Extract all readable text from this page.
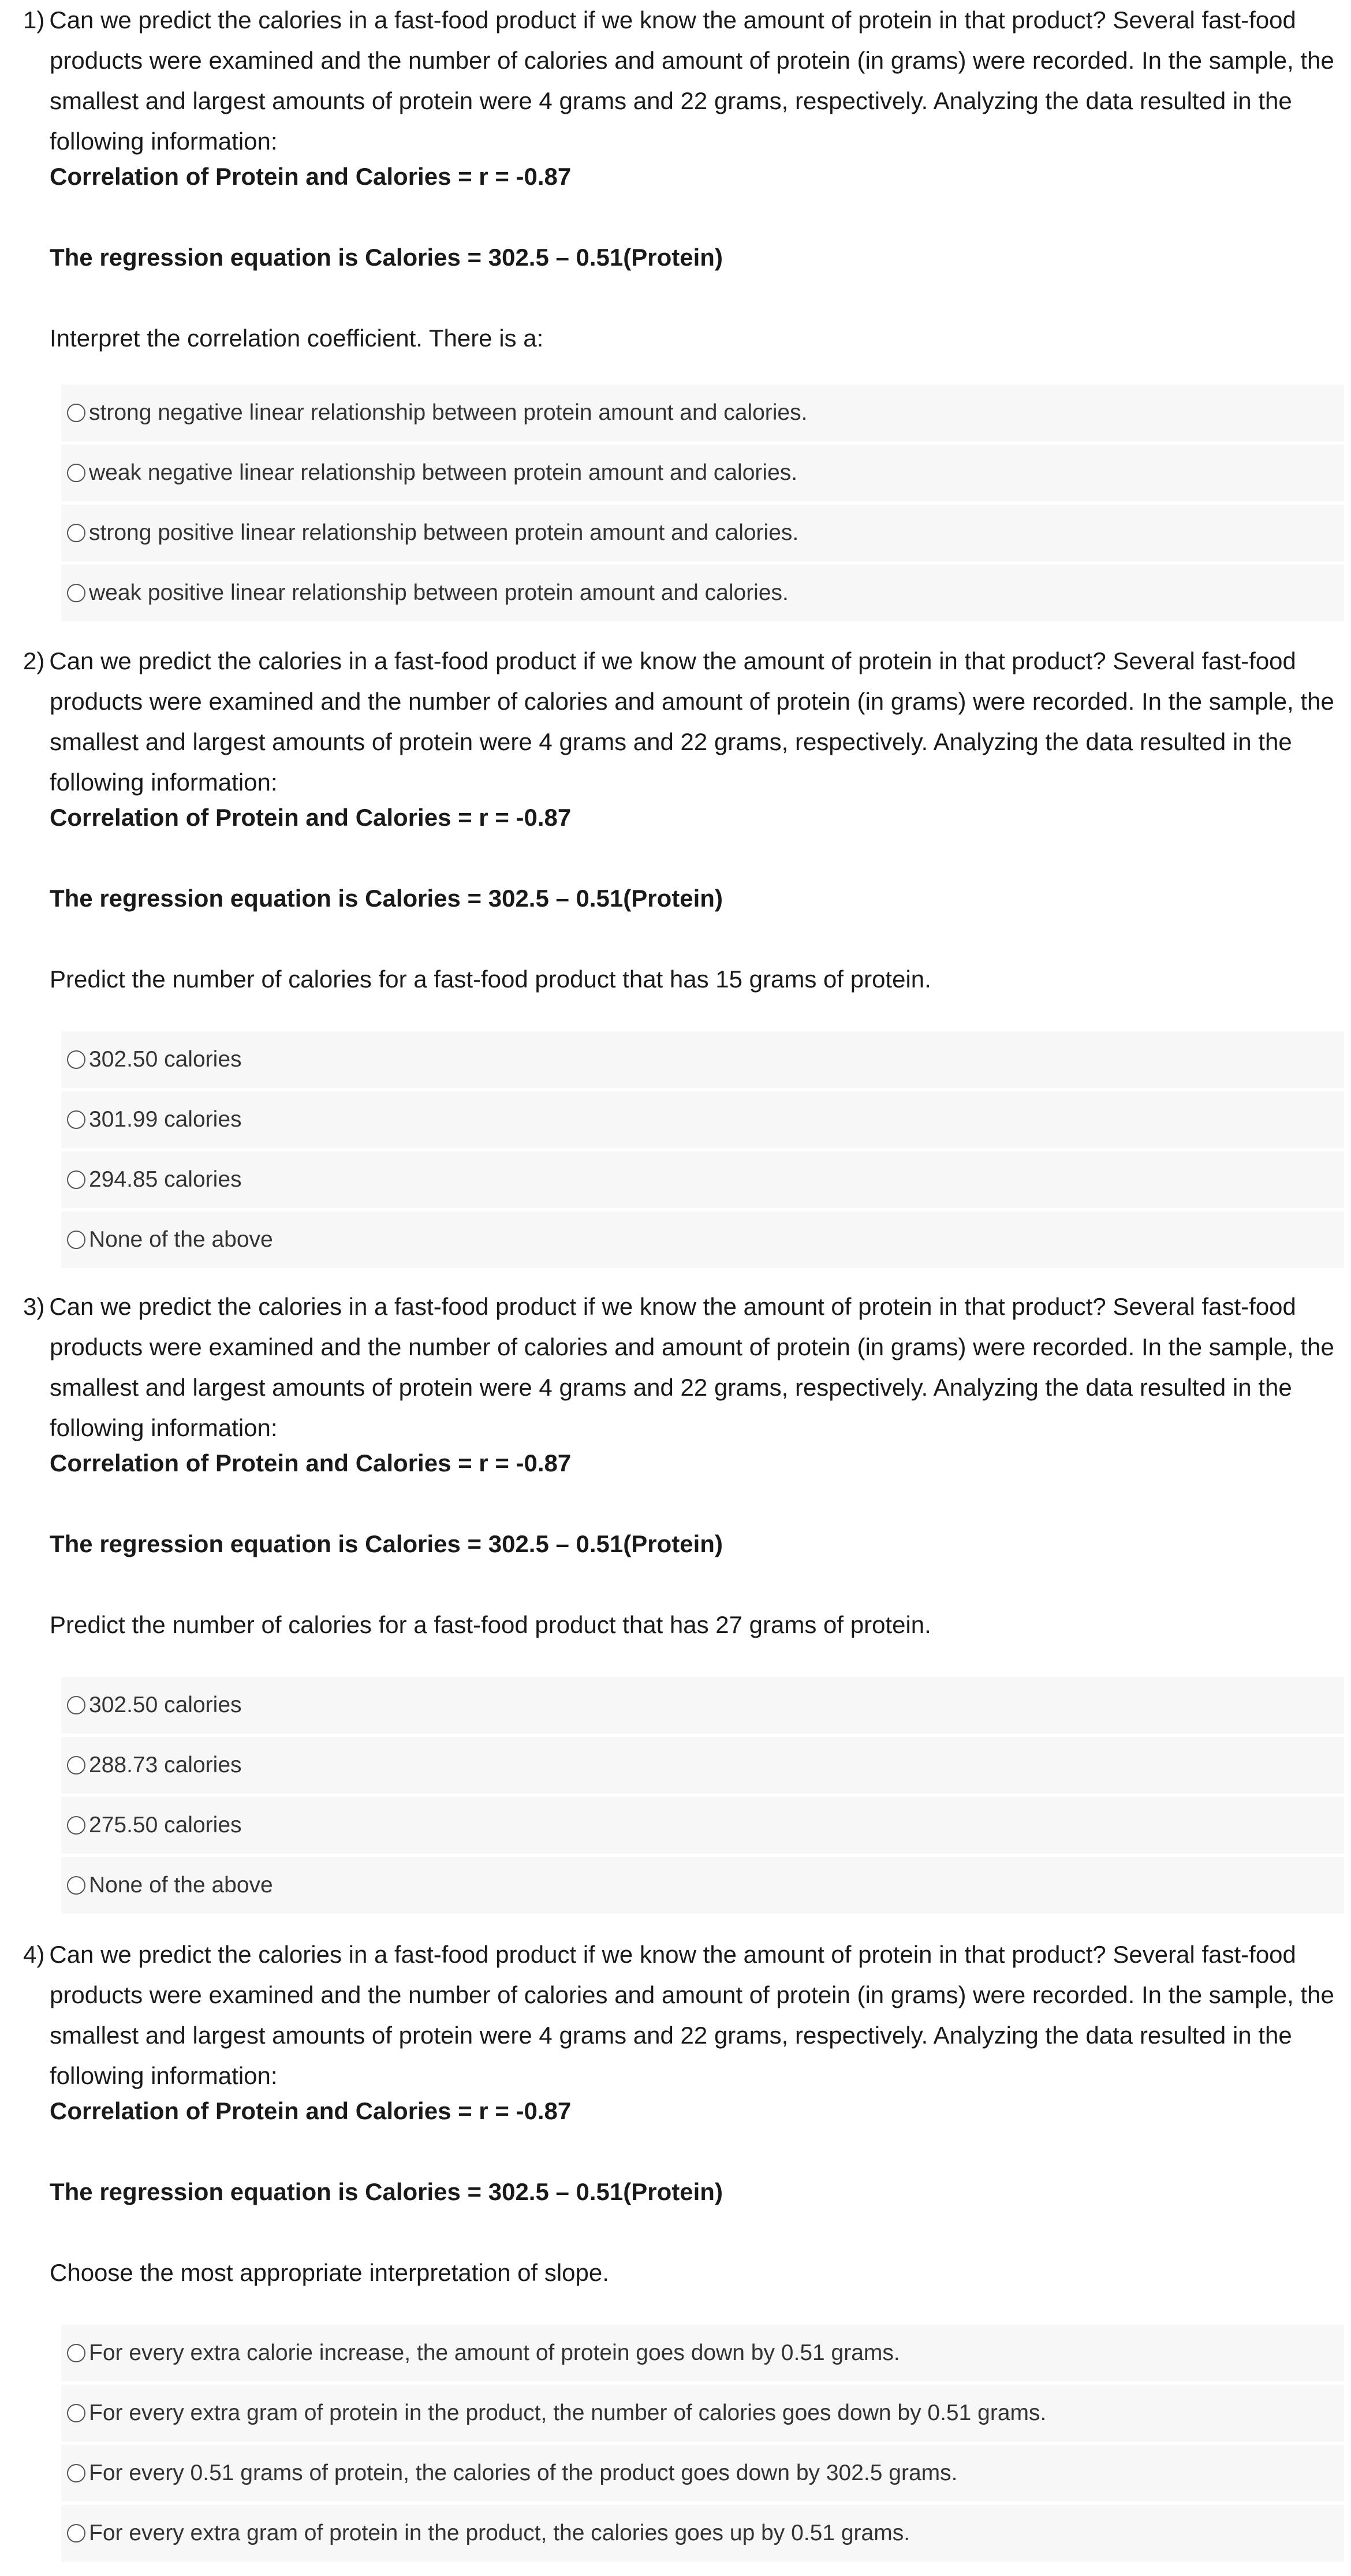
1) Can we predict the calories in a fast-food product if we know the amount of protein in that product? Several fast-food products were examined and the number of calories and amount of protein (in grams) were recorded. In the sample, the smallest and largest amounts of protein were 4 grams and 22 grams, respectively. Analyzing the data resulted in the following information:

Correlation of Protein and Calories = r = -0.87

The regression equation is Calories = 302.5 – 0.51(Protein)

Interpret the correlation coefficient. There is a:

strong negative linear relationship between protein amount and calories.
weak negative linear relationship between protein amount and calories.
strong positive linear relationship between protein amount and calories.
weak positive linear relationship between protein amount and calories.

2) Can we predict the calories in a fast-food product if we know the amount of protein in that product? Several fast-food products were examined and the number of calories and amount of protein (in grams) were recorded. In the sample, the smallest and largest amounts of protein were 4 grams and 22 grams, respectively. Analyzing the data resulted in the following information:

Correlation of Protein and Calories = r = -0.87

The regression equation is Calories = 302.5 – 0.51(Protein)

Predict the number of calories for a fast-food product that has 15 grams of protein.

302.50 calories
301.99 calories
294.85 calories
None of the above

3) Can we predict the calories in a fast-food product if we know the amount of protein in that product? Several fast-food products were examined and the number of calories and amount of protein (in grams) were recorded. In the sample, the smallest and largest amounts of protein were 4 grams and 22 grams, respectively. Analyzing the data resulted in the following information:

Correlation of Protein and Calories = r = -0.87

The regression equation is Calories = 302.5 – 0.51(Protein)

Predict the number of calories for a fast-food product that has 27 grams of protein.

302.50 calories
288.73 calories
275.50 calories
None of the above

4) Can we predict the calories in a fast-food product if we know the amount of protein in that product? Several fast-food products were examined and the number of calories and amount of protein (in grams) were recorded. In the sample, the smallest and largest amounts of protein were 4 grams and 22 grams, respectively. Analyzing the data resulted in the following information:

Correlation of Protein and Calories = r = -0.87

The regression equation is Calories = 302.5 – 0.51(Protein)

Choose the most appropriate interpretation of slope.

For every extra calorie increase, the amount of protein goes down by 0.51 grams.
For every extra gram of protein in the product, the number of calories goes down by 0.51 grams.
For every 0.51 grams of protein, the calories of the product goes down by 302.5 grams.
For every extra gram of protein in the product, the calories goes up by 0.51 grams.
